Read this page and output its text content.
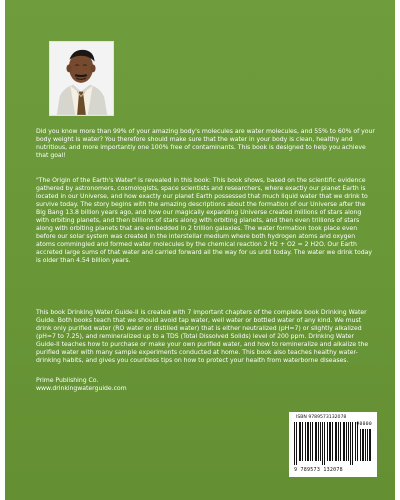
Did you know more than 99% of your amazing body's molecules are water molecules, and 55% to 60% of your body weight is water? You therefore should make sure that the water in your body is clean, healthy and nutritious, and more importantly one 100% free of contaminants. This book is designed to help you achieve that goal!
"The Origin of the Earth's Water" is revealed in this book: This book shows, based on the scientific evidence gathered by astronomers, cosmologists, space scientists and researchers, where exactly our planet Earth is located in our Universe, and how exactly our planet Earth possessed that much liquid water that we drink to survive today. The story begins with the amazing descriptions about the formation of our Universe after the Big Bang 13.8 billion years ago, and how our magically expanding Universe created millions of stars along with orbiting planets, and then billions of stars along with orbiting planets, and then even trillions of stars along with orbiting planets that are embedded in 2 trillion galaxies. The water formation took place even before our solar system was created in the interstellar medium where both hydrogen atoms and oxygen atoms commingled and formed water molecules by the chemical reaction 2 H2 + O2 = 2 H2O. Our Earth accreted large sums of that water and carried forward all the way for us until today. The water we drink today is older than 4.54 billion years.
This book Drinking Water Guide-II is created with 7 important chapters of the complete book Drinking Water Guide. Both books teach that we should avoid tap water, well water or bottled water of any kind. We must drink only purified water (RO water or distilled water) that is either neutralized (pH=7) or slightly alkalized (pH=7 to 7.25), and remineralized up to a TDS (Total Dissolved Solids) level of 200 ppm. Drinking Water Guide-II teaches how to purchase or make your own purified water, and how to remineralize and alkalize the purified water with many sample experiments conducted at home. This book also teaches healthy water-drinking habits, and gives you countless tips on how to protect your health from waterborne diseases.
Prime Publishing Co.
www.drinkingwaterguide.com
ISBN 9789573132078
90000
9 789573 132078
